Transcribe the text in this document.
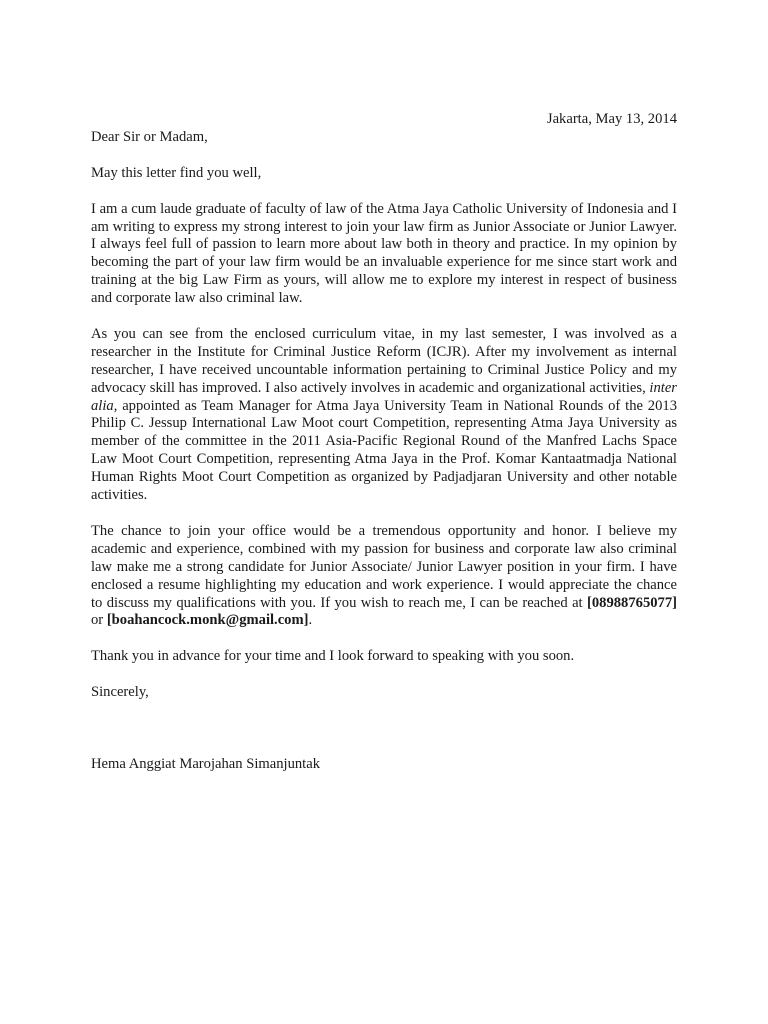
Jakarta, May 13, 2014

Dear Sir or Madam,

May this letter find you well,

I am a cum laude graduate of faculty of law of the Atma Jaya Catholic University of Indonesia and I am writing to express my strong interest to join your law firm as Junior Associate or Junior Lawyer. I always feel full of passion to learn more about law both in theory and practice. In my opinion by becoming the part of your law firm would be an invaluable experience for me since start work and training at the big Law Firm as yours, will allow me to explore my interest in respect of business and corporate law also criminal law.

As you can see from the enclosed curriculum vitae, in my last semester, I was involved as a researcher in the Institute for Criminal Justice Reform (ICJR). After my involvement as internal researcher, I have received uncountable information pertaining to Criminal Justice Policy and my advocacy skill has improved. I also actively involves in academic and organizational activities, inter alia, appointed as Team Manager for Atma Jaya University Team in National Rounds of the 2013 Philip C. Jessup International Law Moot court Competition, representing Atma Jaya University as member of the committee in the 2011 Asia-Pacific Regional Round of the Manfred Lachs Space Law Moot Court Competition, representing Atma Jaya in the Prof. Komar Kantaatmadja National Human Rights Moot Court Competition as organized by Padjadjaran University and other notable activities.

The chance to join your office would be a tremendous opportunity and honor. I believe my academic and experience, combined with my passion for business and corporate law also criminal law make me a strong candidate for Junior Associate/ Junior Lawyer position in your firm. I have enclosed a resume highlighting my education and work experience. I would appreciate the chance to discuss my qualifications with you. If you wish to reach me, I can be reached at [08988765077] or [boahancock.monk@gmail.com].

Thank you in advance for your time and I look forward to speaking with you soon.

Sincerely,

Hema Anggiat Marojahan Simanjuntak
